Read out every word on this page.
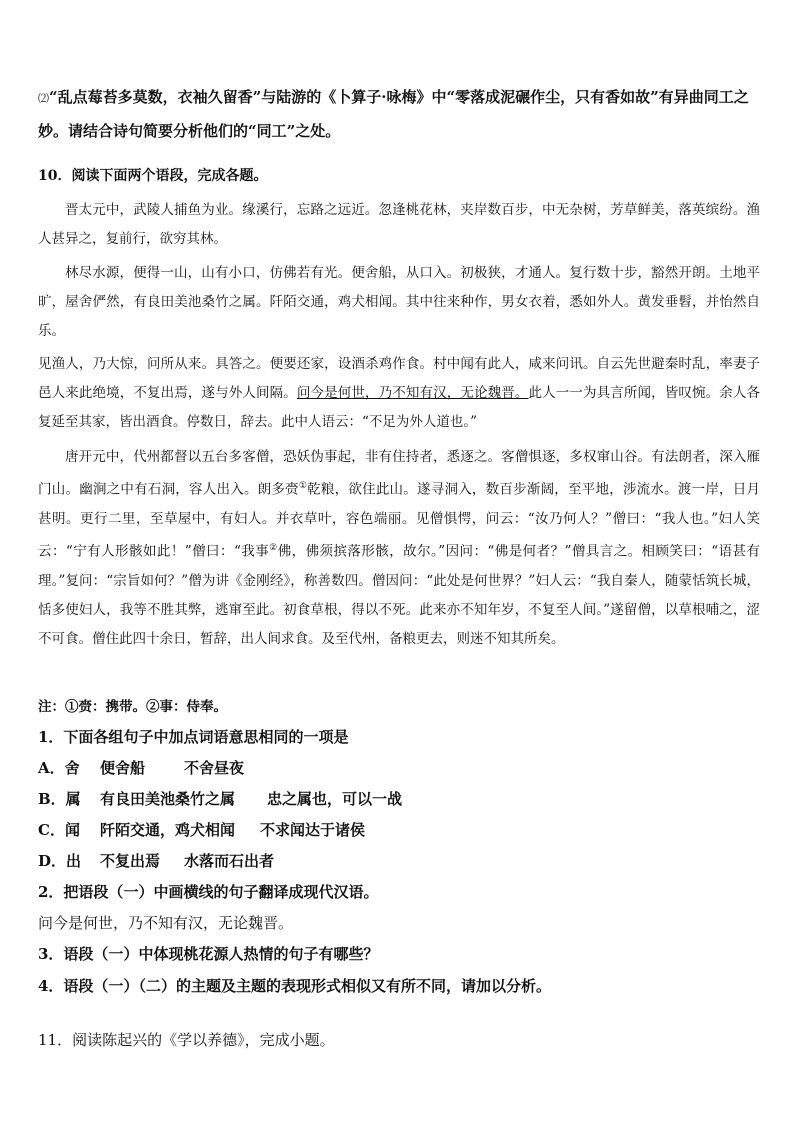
⑵“乱点莓苔多莫数，衣袖久留香”与陆游的《卜算子·咏梅》中“零落成泥碾作尘，只有香如故”有异曲同工之妙。请结合诗句简要分析他们的“同工”之处。

10．阅读下面两个语段，完成各题。

晋太元中，武陵人捕鱼为业。缘溪行，忘路之远近。忽逢桃花林，夹岸数百步，中无杂树，芳草鲜美，落英缤纷。渔人甚异之，复前行，欲穷其林。

林尽水源，便得一山，山有小口，仿佛若有光。便舍船，从口入。初极狭，才通人。复行数十步，豁然开朗。土地平旷，屋舍俨然，有良田美池桑竹之属。阡陌交通，鸡犬相闻。其中往来种作，男女衣着，悉如外人。黄发垂髫，并怡然自乐。

见渔人，乃大惊，问所从来。具答之。便要还家，设酒杀鸡作食。村中闻有此人，咸来问讯。自云先世避秦时乱，率妻子邑人来此绝境，不复出焉，遂与外人间隔。问今是何世，乃不知有汉，无论魏晋。此人一一为具言所闻，皆叹惋。余人各复延至其家，皆出酒食。停数日，辞去。此中人语云：“不足为外人道也。”

唐开元中，代州都督以五台多客僧，恐妖伪事起，非有住持者，悉逐之。客僧惧逐，多权窜山谷。有法朗者，深入雁门山。幽涧之中有石洞，容人出入。朗多赍①乾粮，欲住此山。遂寻洞入，数百步渐阔，至平地，涉流水。渡一岸，日月甚明。更行二里，至草屋中，有妇人。并衣草叶，容色端丽。见僧惧愕，问云：“汝乃何人？”僧曰：“我人也。”妇人笑云：“宁有人形骸如此！”僧曰：“我事②佛，佛须摈落形骸，故尔。”因问：“佛是何者？”僧具言之。相顾笑曰：“语甚有理。”复问：“宗旨如何？”僧为讲《金刚经》，称善数四。僧因问：“此处是何世界？”妇人云：“我自秦人，随蒙恬筑长城，恬多使妇人，我等不胜其弊，逃窜至此。初食草根，得以不死。此来亦不知年岁，不复至人间。”遂留僧，以草根哺之，涩不可食。僧住此四十余日，暂辞，出人间求食。及至代州，备粮更去，则迷不知其所矣。

注：①赍：携带。②事：侍奉。

1．下面各组句子中加点词语意思相同的一项是

A．舍 便舍船	不舍昼夜

B．属 有良田美池桑竹之属 忠之属也，可以一战

C．闻 阡陌交通，鸡犬相闻 不求闻达于诸侯

D．出 不复出焉 水落而石出者

2．把语段（一）中画横线的句子翻译成现代汉语。

问今是何世，乃不知有汉，无论魏晋。

3．语段（一）中体现桃花源人热情的句子有哪些？

4．语段（一）（二）的主题及主题的表现形式相似又有所不同，请加以分析。

11．阅读陈起兴的《学以养德》，完成小题。
